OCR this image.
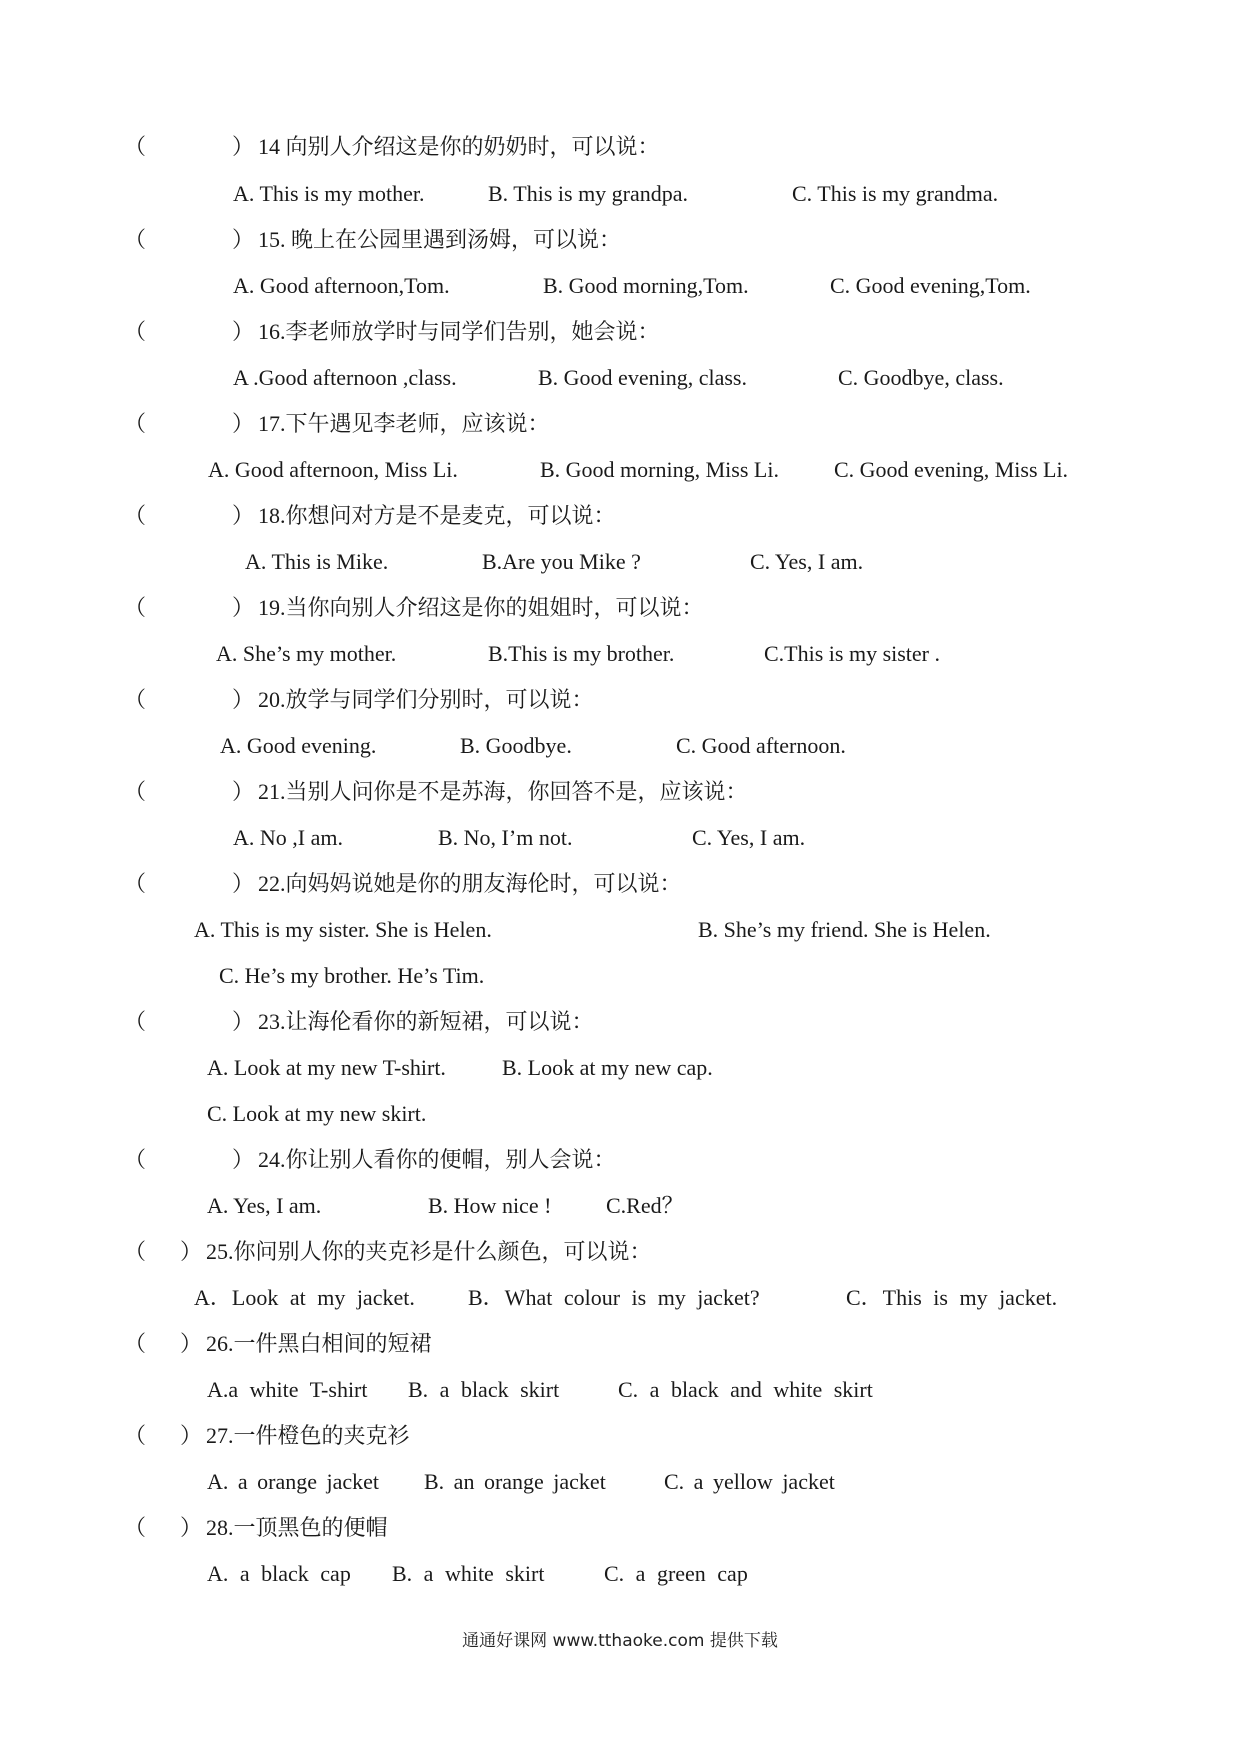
（	） 14 向别人介绍这是你的奶奶时，可以说：
A. This is my mother.	B. This is my grandpa.	C. This is my grandma.
（	） 15. 晚上在公园里遇到汤姆，可以说：
A. Good afternoon,Tom.	B. Good morning,Tom.	C. Good evening,Tom.
（	） 16.李老师放学时与同学们告别，她会说：
A .Good afternoon ,class.	B. Good evening, class.	C. Goodbye, class.
（	） 17.下午遇见李老师，应该说：
A. Good afternoon, Miss Li.	B. Good morning, Miss Li.	C. Good evening, Miss Li.
（	） 18.你想问对方是不是麦克，可以说：
A. This is Mike.	B.Are you Mike ?	C. Yes, I am.
（	） 19.当你向别人介绍这是你的姐姐时，可以说：
A. She’s my mother.	B.This is my brother.	C.This is my sister .
（	） 20.放学与同学们分别时，可以说：
A. Good evening.	B. Goodbye.	C. Good afternoon.
（	） 21.当别人问你是不是苏海，你回答不是，应该说：
A. No ,I am.	B. No, I’m not.	C. Yes, I am.
（	） 22.向妈妈说她是你的朋友海伦时，可以说：
A. This is my sister. She is Helen.	B. She’s my friend. She is Helen.
C. He’s my brother. He’s Tim.
（	） 23.让海伦看你的新短裙，可以说：
A. Look at my new T-shirt.	B. Look at my new cap.
C. Look at my new skirt.
（	） 24.你让别人看你的便帽，别人会说：
A. Yes, I am.	B. How nice ! C.Red？
（ ） 25.你问别人你的夹克衫是什么颜色，可以说：
A．Look at my jacket. B．What colour is my jacket?	C．This is my jacket.
（ ） 26.一件黑白相间的短裙
A.a white T-shirt B. a black skirt	C. a black and white skirt
（ ） 27.一件橙色的夹克衫
A. a orange jacket B. an orange jacket	C. a yellow jacket
（ ） 28.一顶黑色的便帽
A. a black cap B. a white skirt	C. a green cap
通通好课网 www.tthaoke.com 提供下载
